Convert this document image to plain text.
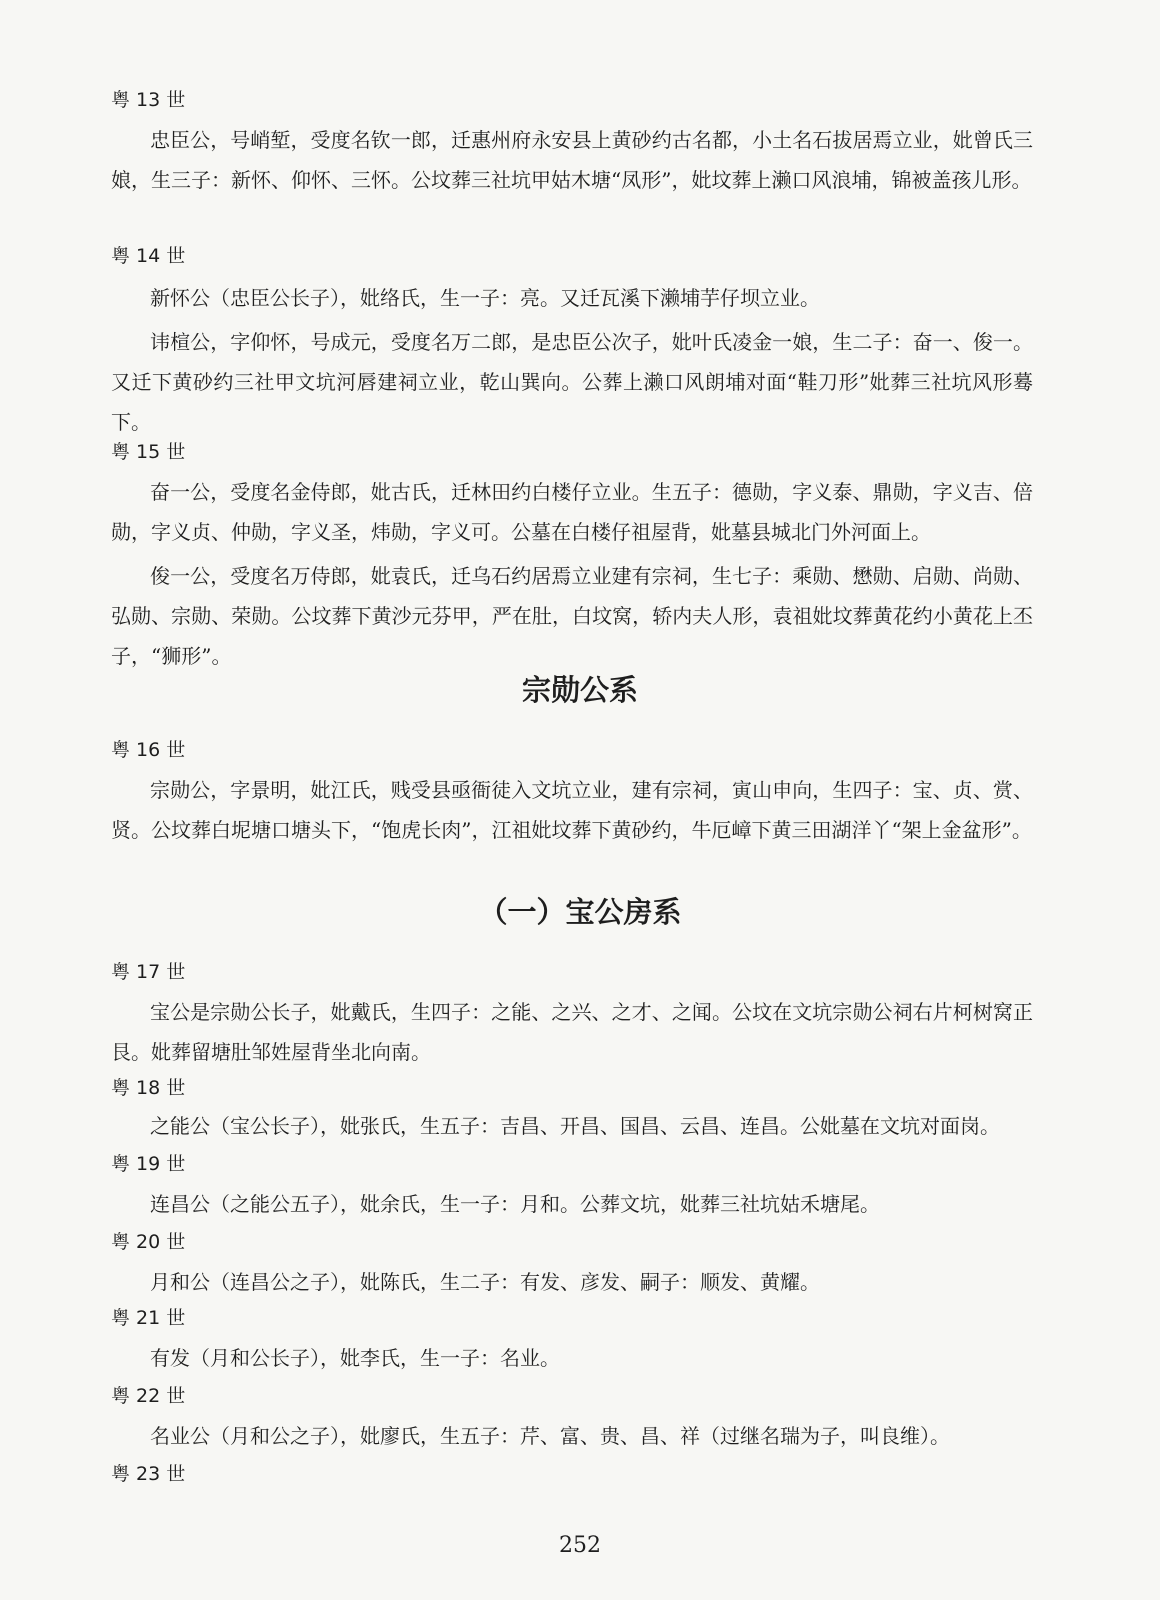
粤 13 世

忠臣公，号峭堑，受度名钦一郎，迁惠州府永安县上黄砂约古名都，小土名石拔居焉立业，妣曾氏三娘，生三子：新怀、仰怀、三怀。公坟葬三社坑甲姑木塘“凤形”，妣坟葬上濑口风浪埔，锦被盖孩儿形。

粤 14 世

新怀公（忠臣公长子），妣络氏，生一子：亮。又迁瓦溪下濑埔芋仔坝立业。

讳楦公，字仰怀，号成元，受度名万二郎，是忠臣公次子，妣叶氏凌金一娘，生二子：奋一、俊一。又迁下黄砂约三社甲文坑河唇建祠立业，乾山巽向。公葬上濑口风朗埔对面“鞋刀形”妣葬三社坑风形蓦下。

粤 15 世

奋一公，受度名金侍郎，妣古氏，迁林田约白楼仔立业。生五子：德勋，字义泰、鼎勋，字义吉、倍勋，字义贞、仲勋，字义圣，炜勋，字义可。公墓在白楼仔祖屋背，妣墓县城北门外河面上。

俊一公，受度名万侍郎，妣袁氏，迁乌石约居焉立业建有宗祠，生七子：乘勋、懋勋、启勋、尚勋、弘勋、宗勋、荣勋。公坟葬下黄沙元芬甲，严在肚，白坟窝，轿内夫人形，袁祖妣坟葬黄花约小黄花上丕子，“狮形”。

宗勋公系
粤 16 世

宗勋公，字景明，妣江氏，贱受县亟衙徒入文坑立业，建有宗祠，寅山申向，生四子：宝、贞、赏、贤。公坟葬白坭塘口塘头下，“饱虎长肉”，江祖妣坟葬下黄砂约，牛厄嶂下黄三田湖洋丫“架上金盆形”。

（一）宝公房系
粤 17 世

宝公是宗勋公长子，妣戴氏，生四子：之能、之兴、之才、之闻。公坟在文坑宗勋公祠右片柯树窝正艮。妣葬留塘肚邹姓屋背坐北向南。

粤 18 世

之能公（宝公长子），妣张氏，生五子：吉昌、开昌、国昌、云昌、连昌。公妣墓在文坑对面岗。

粤 19 世

连昌公（之能公五子），妣余氏，生一子：月和。公葬文坑，妣葬三社坑姑禾塘尾。

粤 20 世

月和公（连昌公之子），妣陈氏，生二子：有发、彦发、嗣子：顺发、黄耀。

粤 21 世

有发（月和公长子），妣李氏，生一子：名业。

粤 22 世

名业公（月和公之子），妣廖氏，生五子：芹、富、贵、昌、祥（过继名瑞为子，叫良维）。

粤 23 世
252
